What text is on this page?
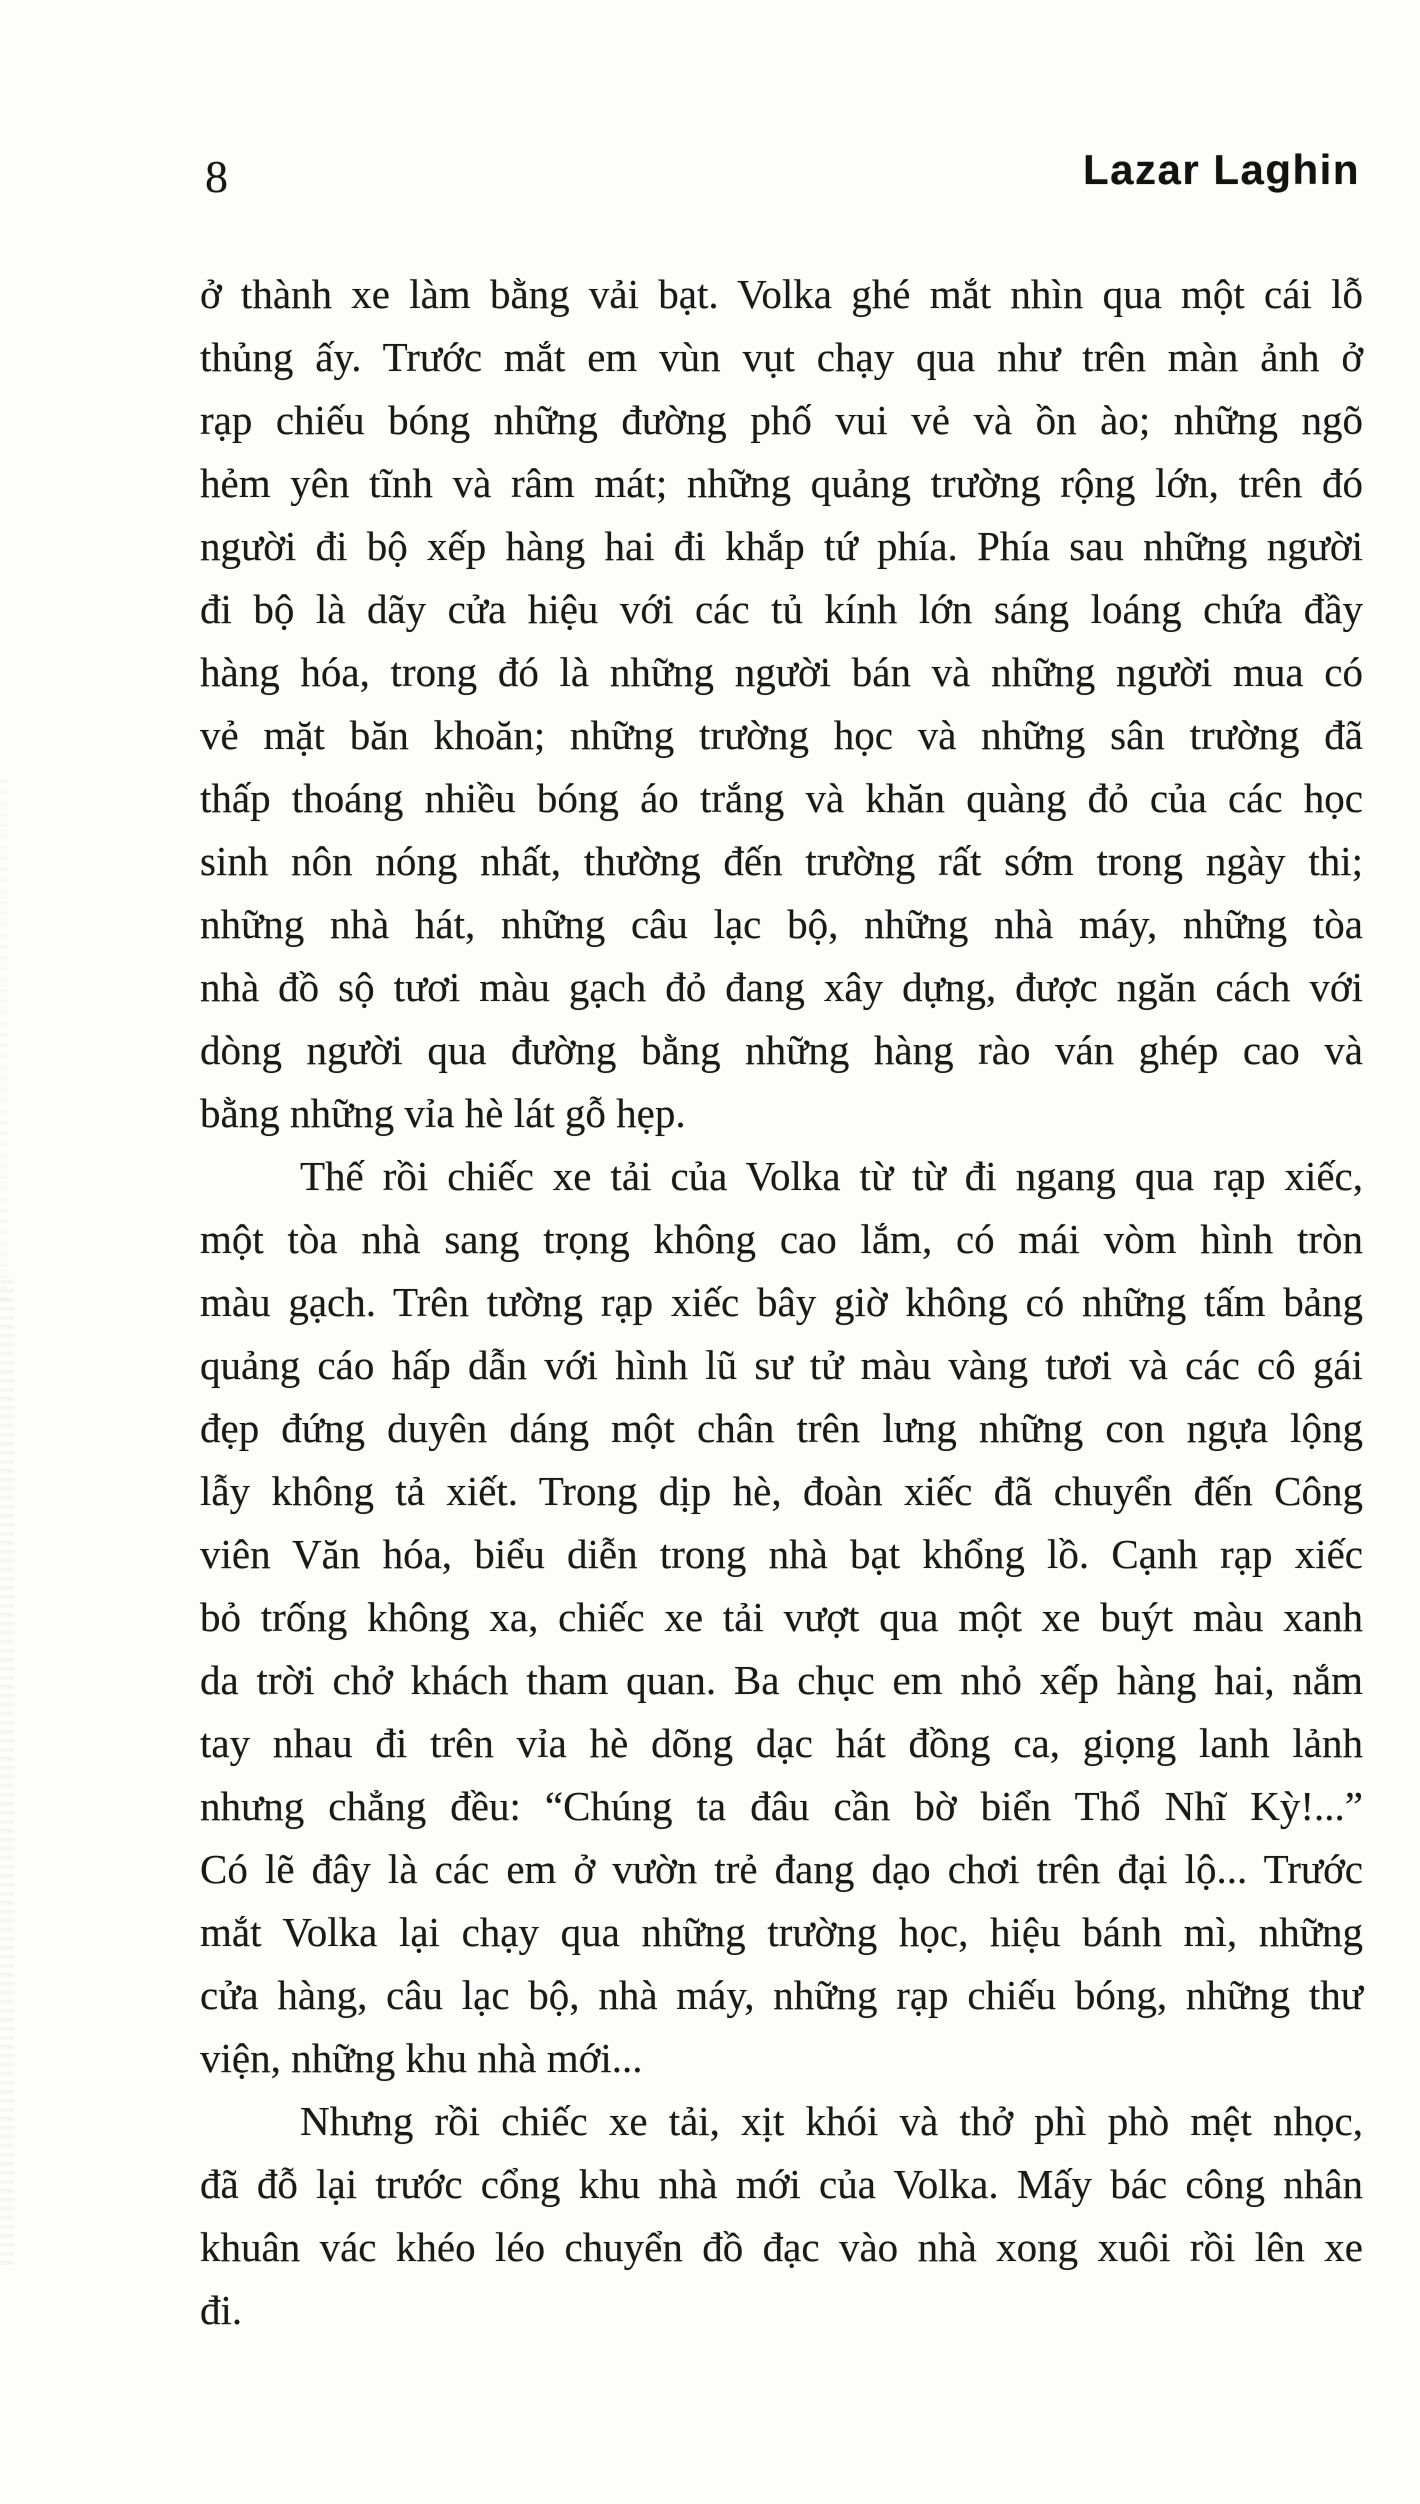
8	Lazar Laghin
ở thành xe làm bằng vải bạt. Volka ghé mắt nhìn qua một cái lỗ
thủng ấy. Trước mắt em vùn vụt chạy qua như trên màn ảnh ở
rạp chiếu bóng những đường phố vui vẻ và ồn ào; những ngõ
hẻm yên tĩnh và râm mát; những quảng trường rộng lớn, trên đó
người đi bộ xếp hàng hai đi khắp tứ phía. Phía sau những người
đi bộ là dãy cửa hiệu với các tủ kính lớn sáng loáng chứa đầy
hàng hóa, trong đó là những người bán và những người mua có
vẻ mặt băn khoăn; những trường học và những sân trường đã
thấp thoáng nhiều bóng áo trắng và khăn quàng đỏ của các học
sinh nôn nóng nhất, thường đến trường rất sớm trong ngày thi;
những nhà hát, những câu lạc bộ, những nhà máy, những tòa
nhà đồ sộ tươi màu gạch đỏ đang xây dựng, được ngăn cách với
dòng người qua đường bằng những hàng rào ván ghép cao và
bằng những vỉa hè lát gỗ hẹp.
Thế rồi chiếc xe tải của Volka từ từ đi ngang qua rạp xiếc,
một tòa nhà sang trọng không cao lắm, có mái vòm hình tròn
màu gạch. Trên tường rạp xiếc bây giờ không có những tấm bảng
quảng cáo hấp dẫn với hình lũ sư tử màu vàng tươi và các cô gái
đẹp đứng duyên dáng một chân trên lưng những con ngựa lộng
lẫy không tả xiết. Trong dịp hè, đoàn xiếc đã chuyển đến Công
viên Văn hóa, biểu diễn trong nhà bạt khổng lồ. Cạnh rạp xiếc
bỏ trống không xa, chiếc xe tải vượt qua một xe buýt màu xanh
da trời chở khách tham quan. Ba chục em nhỏ xếp hàng hai, nắm
tay nhau đi trên vỉa hè dõng dạc hát đồng ca, giọng lanh lảnh
nhưng chẳng đều: “Chúng ta đâu cần bờ biển Thổ Nhĩ Kỳ!...”
Có lẽ đây là các em ở vườn trẻ đang dạo chơi trên đại lộ... Trước
mắt Volka lại chạy qua những trường học, hiệu bánh mì, những
cửa hàng, câu lạc bộ, nhà máy, những rạp chiếu bóng, những thư
viện, những khu nhà mới...
Nhưng rồi chiếc xe tải, xịt khói và thở phì phò mệt nhọc,
đã đỗ lại trước cổng khu nhà mới của Volka. Mấy bác công nhân
khuân vác khéo léo chuyển đồ đạc vào nhà xong xuôi rồi lên xe
đi.
